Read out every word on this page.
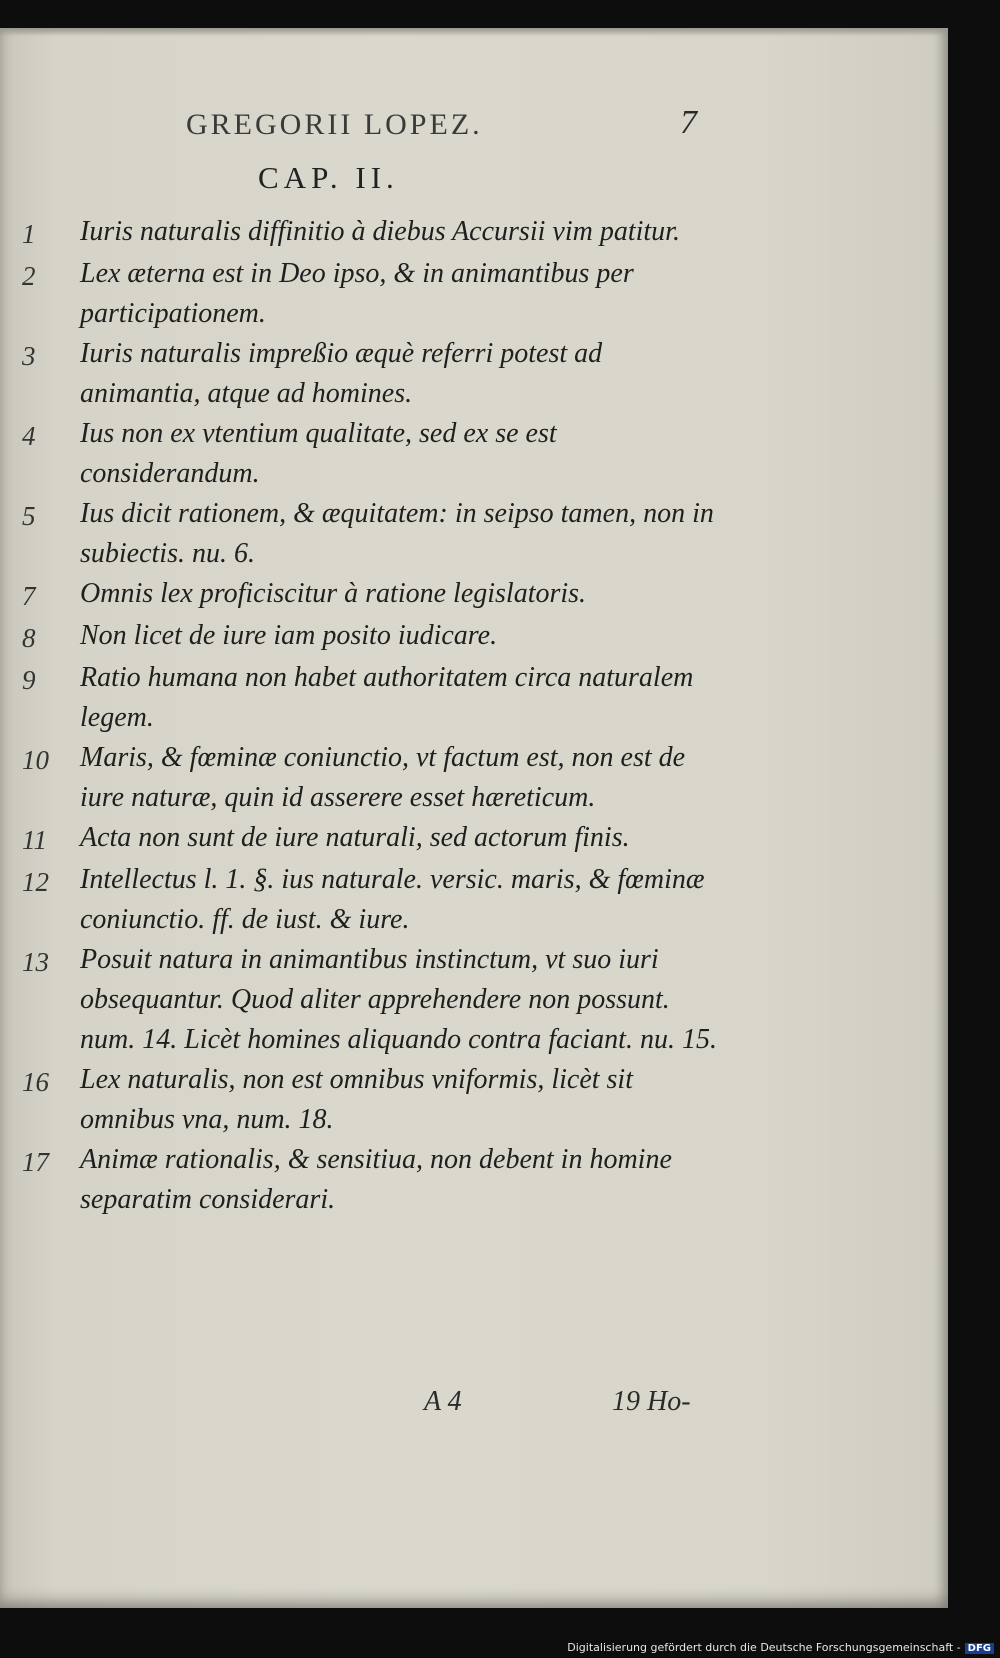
GREGORII LOPEZ.	7
CAP. II.
1	Iuris naturalis diffinitio à diebus Accursii vim patitur.
2	Lex æterna est in Deo ipso, & in animantibus per participationem.
3	Iuris naturalis impreßio æquè referri potest ad animantia, atque ad homines.
4	Ius non ex vtentium qualitate, sed ex se est considerandum.
5	Ius dicit rationem, & æquitatem: in seipso tamen, non in subiectis. nu. 6.
7	Omnis lex proficiscitur à ratione legislatoris.
8	Non licet de iure iam posito iudicare.
9	Ratio humana non habet authoritatem circa naturalem legem.
10	Maris, & fœminæ coniunctio, vt factum est, non est de iure naturæ, quin id asserere esset hæreticum.
11	Acta non sunt de iure naturali, sed actorum finis.
12	Intellectus l. 1. §. ius naturale. versic. maris, & fœminæ coniunctio. ff. de iust. & iure.
13	Posuit natura in animantibus instinctum, vt suo iuri obsequantur. Quod aliter apprehendere non possunt. num. 14. Licèt homines aliquando contra faciant. nu. 15.
16	Lex naturalis, non est omnibus vniformis, licèt sit omnibus vna, num. 18.
17	Animæ rationalis, & sensitiua, non debent in homine separatim considerari.
A 4	19 Ho-
Digitalisierung gefördert durch die Deutsche Forschungsgemeinschaft - DFG
